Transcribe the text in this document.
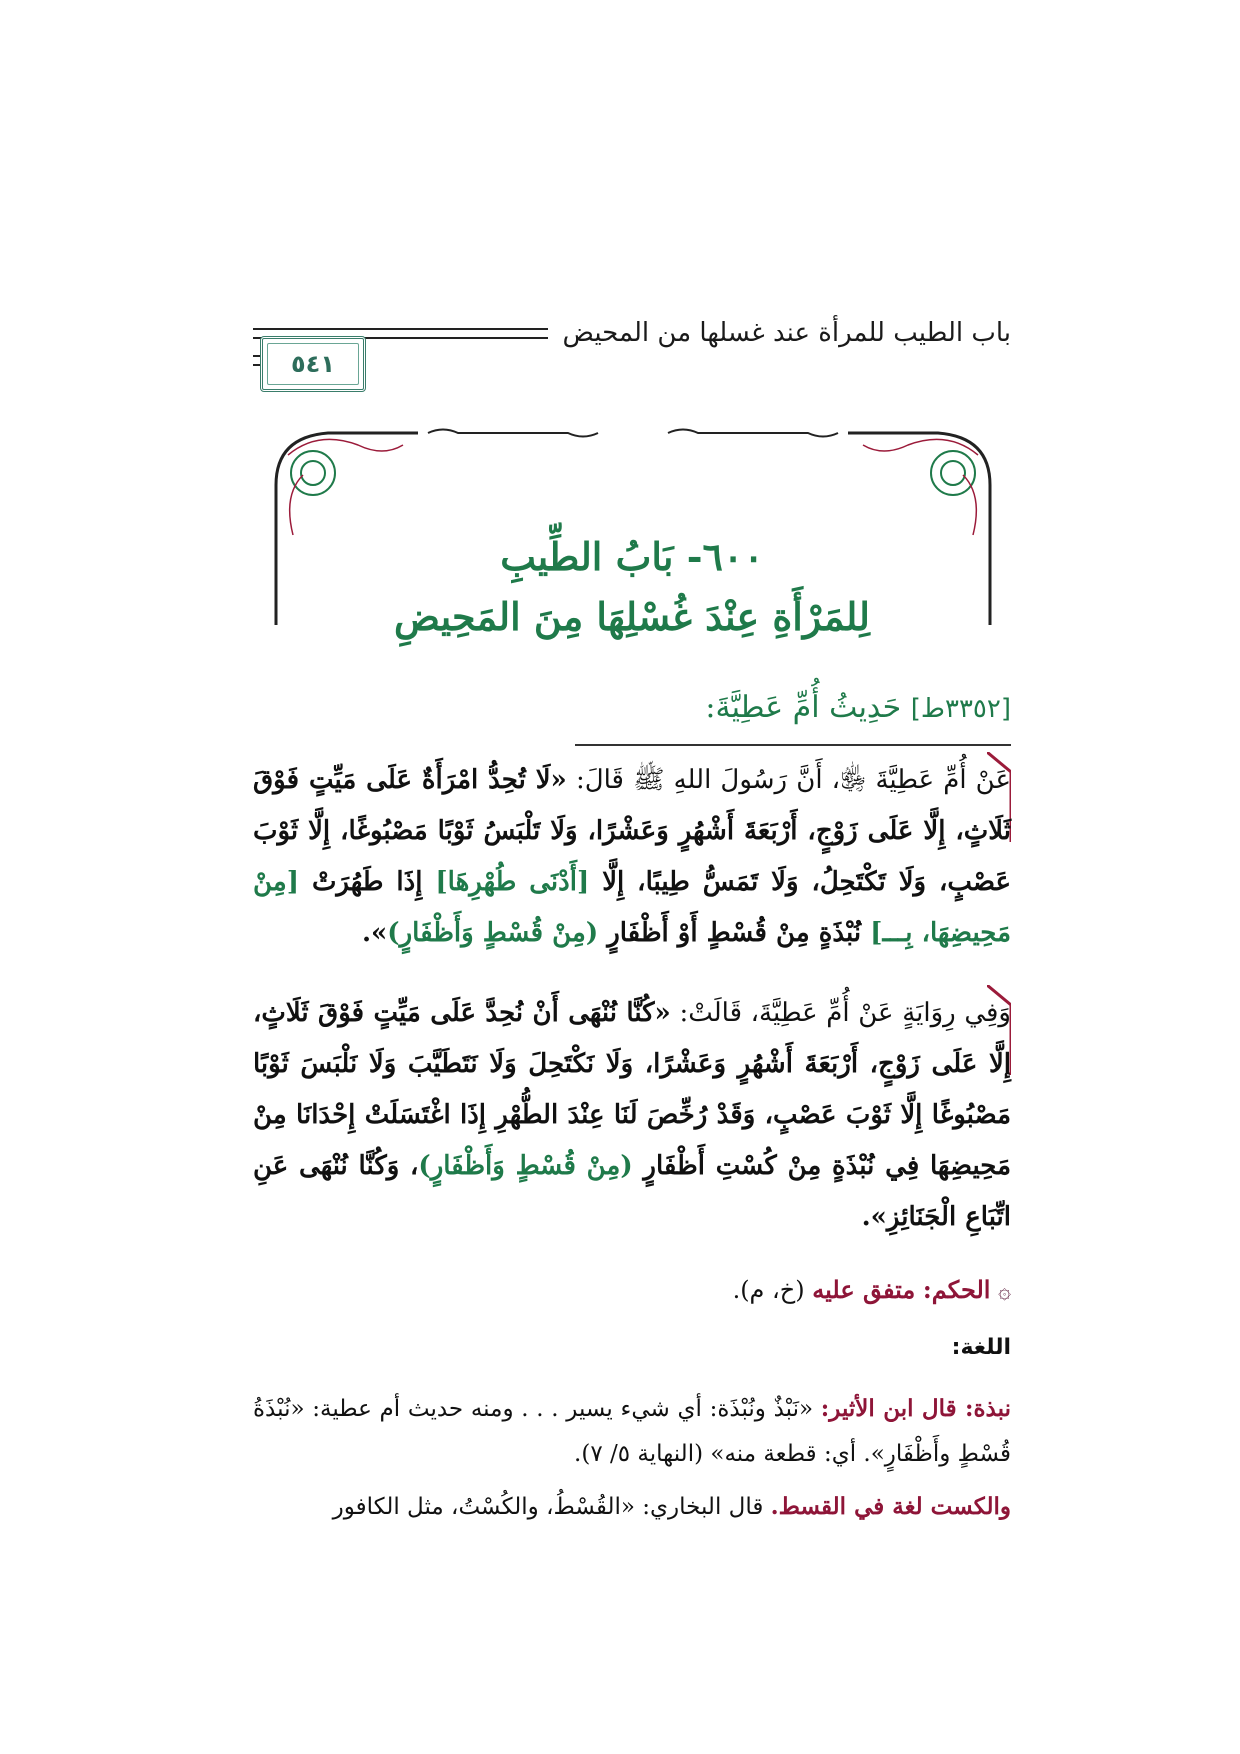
باب الطيب للمرأة عند غسلها من المحيض
٥٤١
٦٠٠- بَابُ الطِّيبِ
لِلمَرْأَةِ عِنْدَ غُسْلِهَا مِنَ المَحِيضِ
[٣٣٥٢ط] حَدِيثُ أُمِّ عَطِيَّةَ:
عَنْ أُمِّ عَطِيَّةَ ﵂، أَنَّ رَسُولَ اللهِ ﷺ قَالَ: «لَا تُحِدُّ امْرَأَةٌ عَلَى مَيِّتٍ فَوْقَ ثَلَاثٍ، إِلَّا عَلَى زَوْجٍ، أَرْبَعَةَ أَشْهُرٍ وَعَشْرًا، وَلَا تَلْبَسُ ثَوْبًا مَصْبُوغًا، إِلَّا ثَوْبَ عَصْبٍ، وَلَا تَكْتَحِلُ، وَلَا تَمَسُّ طِيبًا، إِلَّا [أَدْنَى طُهْرِهَا] إِذَا طَهُرَتْ [مِنْ مَحِيضِهَا، بِـــ] نُبْذَةٍ مِنْ قُسْطٍ أَوْ أَظْفَارٍ (مِنْ قُسْطٍ وَأَظْفَارٍ)».
وَفِي رِوَايَةٍ عَنْ أُمِّ عَطِيَّةَ، قَالَتْ: «كُنَّا نُنْهَى أَنْ نُحِدَّ عَلَى مَيِّتٍ فَوْقَ ثَلَاثٍ، إِلَّا عَلَى زَوْجٍ، أَرْبَعَةَ أَشْهُرٍ وَعَشْرًا، وَلَا نَكْتَحِلَ وَلَا نَتَطَيَّبَ وَلَا نَلْبَسَ ثَوْبًا مَصْبُوغًا إِلَّا ثَوْبَ عَصْبٍ، وَقَدْ رُخِّصَ لَنَا عِنْدَ الطُّهْرِ إِذَا اغْتَسَلَتْ إِحْدَانَا مِنْ مَحِيضِهَا فِي نُبْذَةٍ مِنْ كُسْتِ أَظْفَارٍ (مِنْ قُسْطٍ وَأَظْفَارٍ)، وَكُنَّا نُنْهَى عَنِ اتِّبَاعِ الْجَنَائِزِ».
۞ الحكم: متفق عليه (خ، م).
اللغة:
نبذة: قال ابن الأثير: «نَبْذٌ ونُبْذَة: أي شيء يسير . . . ومنه حديث أم عطية: «نُبْذَةُ قُسْطٍ وأَظْفَارٍ». أي: قطعة منه» (النهاية ٥/ ٧).
والكست لغة في القسط. قال البخاري: «القُسْطُ، والكُسْتُ، مثل الكافور
